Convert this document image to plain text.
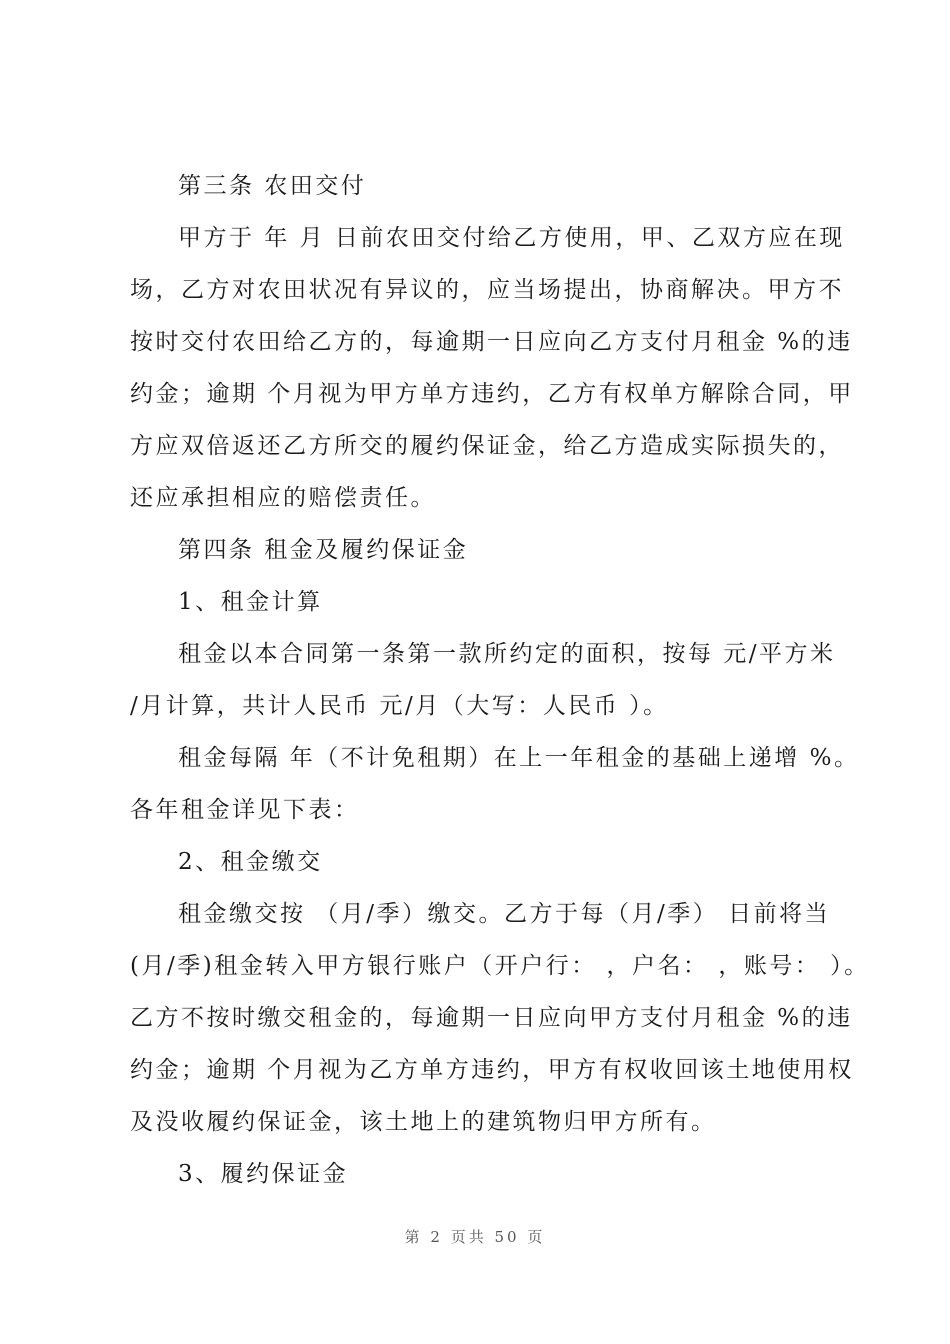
第三条 农田交付
甲方于 年 月 日前农田交付给乙方使用，甲、乙双方应在现
场，乙方对农田状况有异议的，应当场提出，协商解决。甲方不
按时交付农田给乙方的，每逾期一日应向乙方支付月租金 %的违
约金；逾期 个月视为甲方单方违约，乙方有权单方解除合同，甲
方应双倍返还乙方所交的履约保证金，给乙方造成实际损失的，
还应承担相应的赔偿责任。
第四条 租金及履约保证金
1、租金计算
租金以本合同第一条第一款所约定的面积，按每 元/平方米
/月计算，共计人民币 元/月（大写：人民币 ）。
租金每隔 年（不计免租期）在上一年租金的基础上递增 %。
各年租金详见下表：
2、租金缴交
租金缴交按 （月/季）缴交。乙方于每（月/季） 日前将当
(月/季)租金转入甲方银行账户（开户行： ，户名： ，账号： ）。
乙方不按时缴交租金的，每逾期一日应向甲方支付月租金 %的违
约金；逾期 个月视为乙方单方违约，甲方有权收回该土地使用权
及没收履约保证金，该土地上的建筑物归甲方所有。
3、履约保证金
第 2 页共 50 页
